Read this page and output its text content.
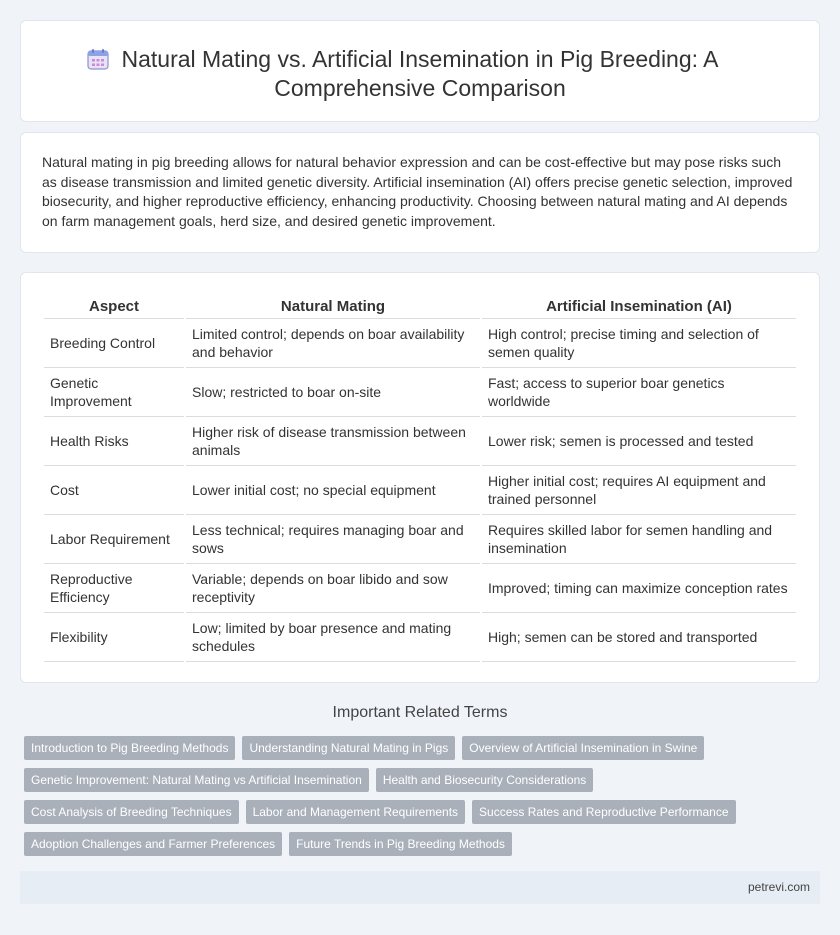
Natural Mating vs. Artificial Insemination in Pig Breeding: A
Comprehensive Comparison

Natural mating in pig breeding allows for natural behavior expression and can be cost-effective but may pose risks such as disease transmission and limited genetic diversity. Artificial insemination (AI) offers precise genetic selection, improved biosecurity, and higher reproductive efficiency, enhancing productivity. Choosing between natural mating and AI depends on farm management goals, herd size, and desired genetic improvement.

Aspect	Natural Mating	Artificial Insemination (AI)
Breeding Control	Limited control; depends on boar availability and behavior	High control; precise timing and selection of semen quality
Genetic Improvement	Slow; restricted to boar on-site	Fast; access to superior boar genetics worldwide
Health Risks	Higher risk of disease transmission between animals	Lower risk; semen is processed and tested
Cost	Lower initial cost; no special equipment	Higher initial cost; requires AI equipment and trained personnel
Labor Requirement	Less technical; requires managing boar and sows	Requires skilled labor for semen handling and insemination
Reproductive Efficiency	Variable; depends on boar libido and sow receptivity	Improved; timing can maximize conception rates
Flexibility	Low; limited by boar presence and mating schedules	High; semen can be stored and transported
Important Related Terms
Introduction to Pig Breeding Methods	Understanding Natural Mating in Pigs	Overview of Artificial Insemination in Swine
Genetic Improvement: Natural Mating vs Artificial Insemination	Health and Biosecurity Considerations
Cost Analysis of Breeding Techniques	Labor and Management Requirements	Success Rates and Reproductive Performance
Adoption Challenges and Farmer Preferences	Future Trends in Pig Breeding Methods
petrevi.com
